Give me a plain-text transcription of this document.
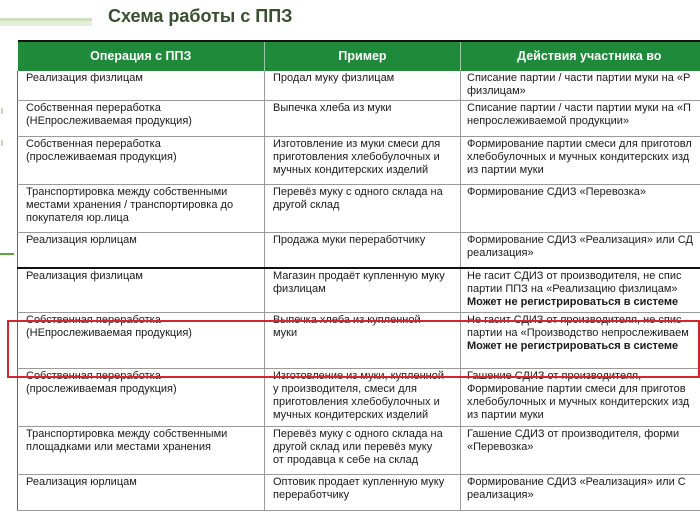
Схема работы с ППЗ
Операция с ППЗ	Пример	Действия участника во
Реализация физлицам	Продал муку физлицам	Списание партии / части партии муки на «Р
физлицам»
Собственная переработка
(НЕпрослеживаемая продукция)	Выпечка хлеба из муки	Списание партии / части партии муки на «П
непрослеживаемой продукции»
Собственная переработка
(прослеживаемая продукция)	Изготовление из муки смеси для
приготовления хлебобулочных и
мучных кондитерских изделий	Формирование партии смеси для приготовл
хлебобулочных и мучных кондитерских изд
из партии муки
Транспортировка между собственными
местами хранения / транспортировка до
покупателя юр.лица	Перевёз муку с одного склада на
другой склад	Формирование СДИЗ «Перевозка»
Реализация юрлицам	Продажа муки переработчику	Формирование СДИЗ «Реализация» или СД
реализация»
Реализация физлицам	Магазин продаёт купленную муку
физлицам	Не гасит СДИЗ от производителя, не спис
партии ППЗ на «Реализацию физлицам»
Может не регистрироваться в системе

Собственная переработка
(НЕпрослеживаемая продукция)	Выпечка хлеба из купленной
муки	Не гасит СДИЗ от производителя, не спис
партии на «Производство непрослеживаем
Может не регистрироваться в системе

Собственная переработка
(прослеживаемая продукция)	Изготовление из муки, купленной
у производителя, смеси для
приготовления хлебобулочных и
мучных кондитерских изделий	Гашение СДИЗ от производителя,
Формирование партии смеси для приготов
хлебобулочных и мучных кондитерских изд
из партии муки
Транспортировка между собственными
площадками или местами хранения	Перевёз муку с одного склада на
другой склад или перевёз муку
от продавца к себе на склад	Гашение СДИЗ от производителя, форми
«Перевозка»
Реализация юрлицам	Оптовик продает купленную муку
переработчику	Формирование СДИЗ «Реализация» или С
реализация»
